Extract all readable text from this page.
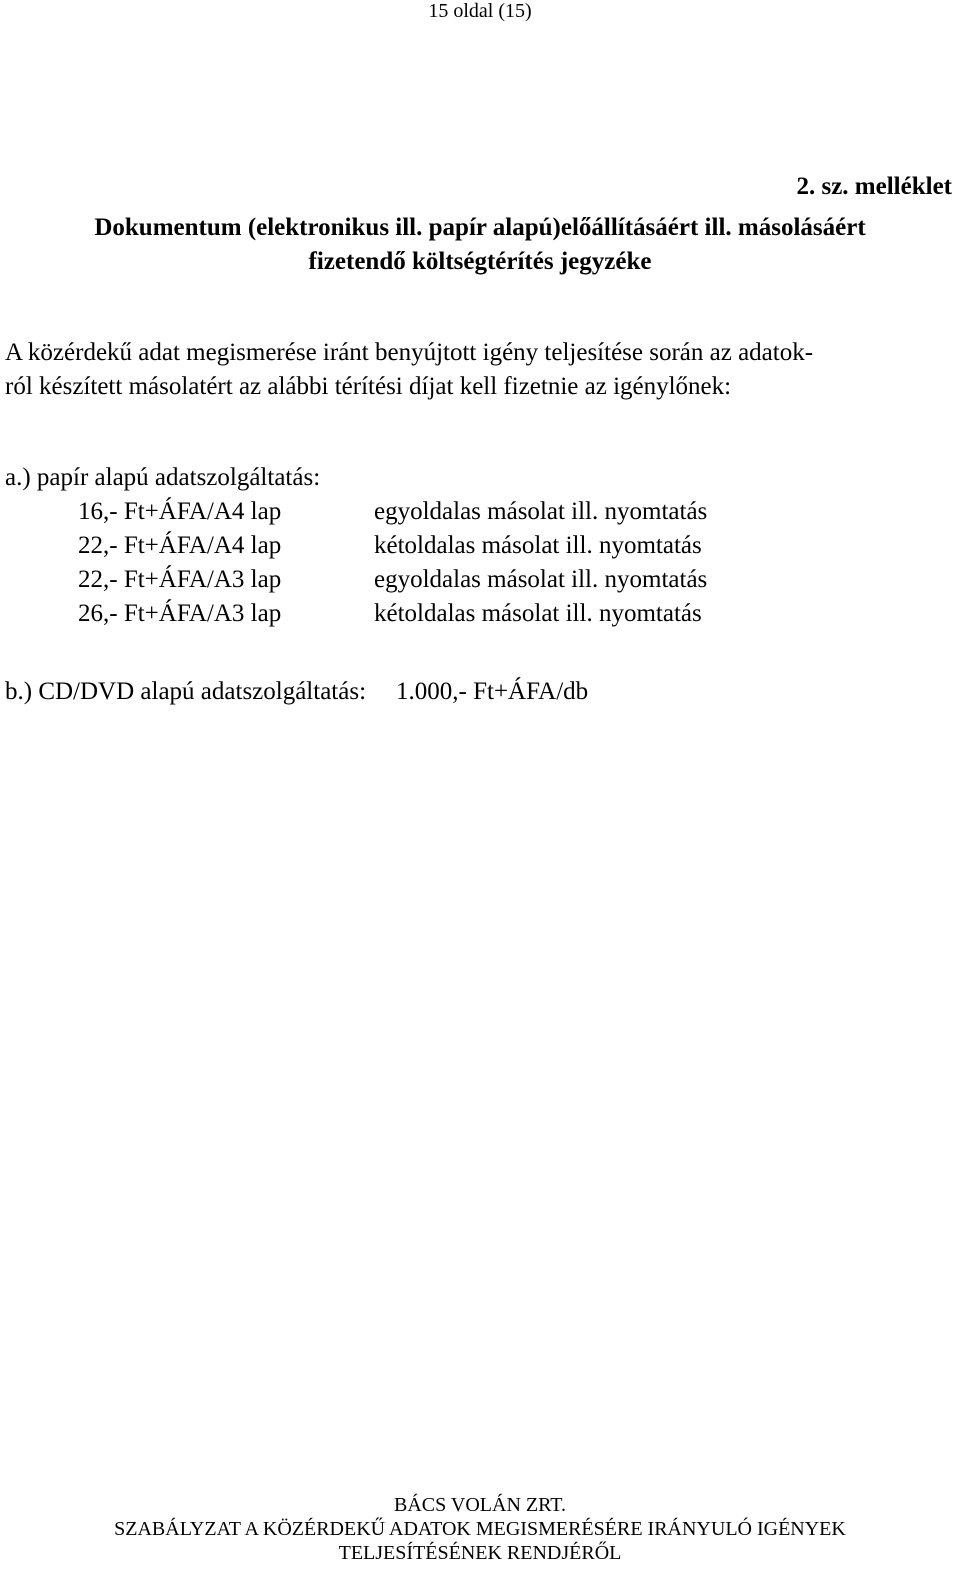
15 oldal (15)
2. sz. melléklet
Dokumentum (elektronikus ill. papír alapú)előállításáért ill. másolásáért
fizetendő költségtérítés jegyzéke
A közérdekű adat megismerése iránt benyújtott igény teljesítése során az adatok-
ról készített másolatért az alábbi térítési díjat kell fizetnie az igénylőnek:
a.) papír alapú adatszolgáltatás:
16,- Ft+ÁFA/A4 lap	egyoldalas másolat ill. nyomtatás
22,- Ft+ÁFA/A4 lap	kétoldalas másolat ill. nyomtatás
22,- Ft+ÁFA/A3 lap	egyoldalas másolat ill. nyomtatás
26,- Ft+ÁFA/A3 lap	kétoldalas másolat ill. nyomtatás
b.) CD/DVD alapú adatszolgáltatás: 1.000,- Ft+ÁFA/db
BÁCS VOLÁN ZRT.
SZABÁLYZAT A KÖZÉRDEKŰ ADATOK MEGISMERÉSÉRE IRÁNYULÓ IGÉNYEK
TELJESÍTÉSÉNEK RENDJÉRŐL
